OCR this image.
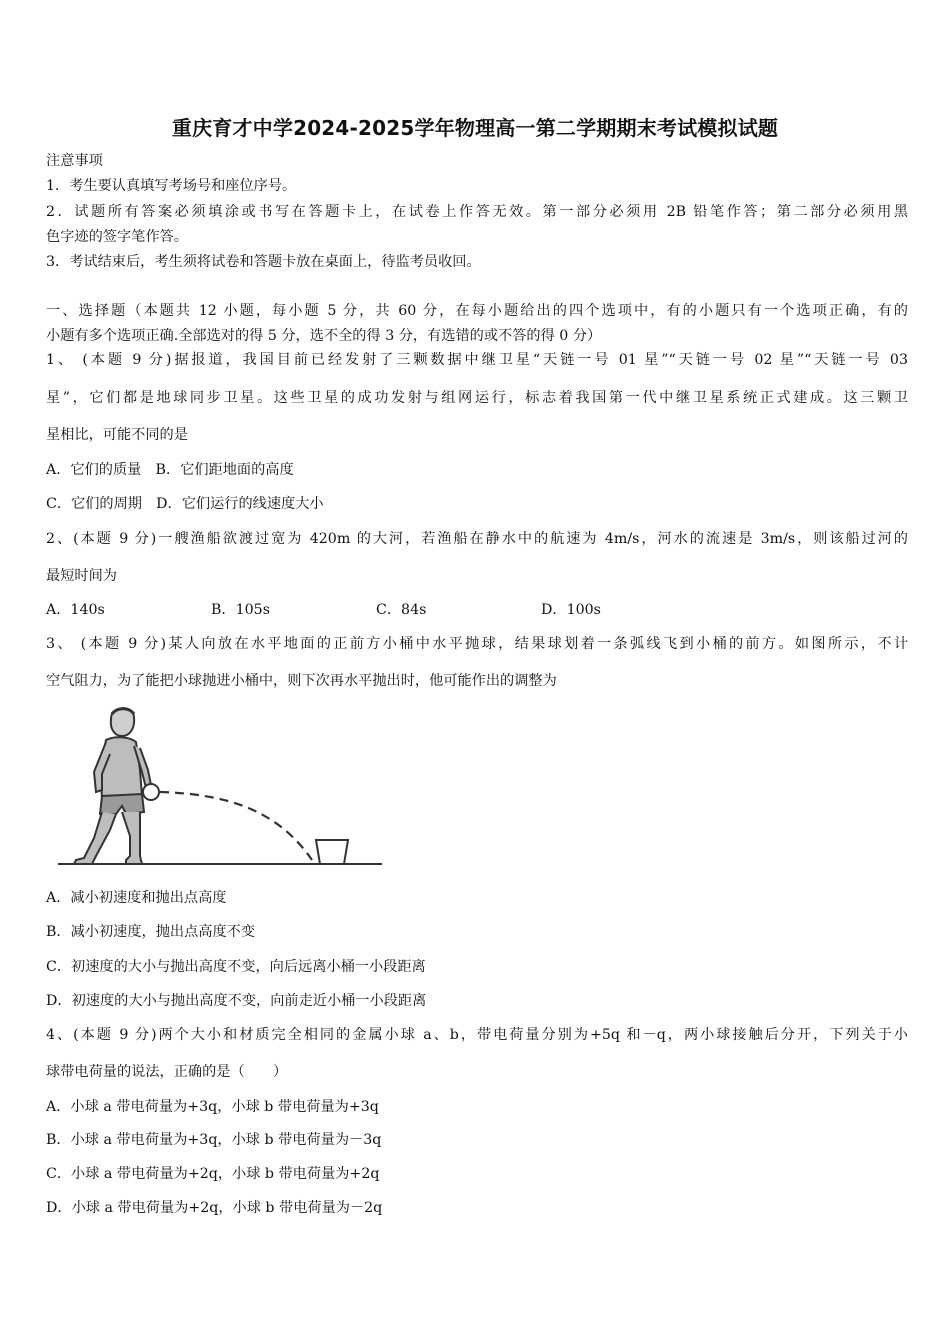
重庆育才中学2024-2025学年物理高一第二学期期末考试模拟试题
注意事项
1．考生要认真填写考场号和座位序号。
2．试题所有答案必须填涂或书写在答题卡上，在试卷上作答无效。第一部分必须用 2B 铅笔作答；第二部分必须用黑
色字迹的签字笔作答。
3．考试结束后，考生须将试卷和答题卡放在桌面上，待监考员收回。
一、选择题（本题共 12 小题，每小题 5 分，共 60 分，在每小题给出的四个选项中，有的小题只有一个选项正确，有的
小题有多个选项正确.全部选对的得 5 分，选不全的得 3 分，有选错的或不答的得 0 分）
1、 (本题 9 分)据报道，我国目前已经发射了三颗数据中继卫星“天链一号 01 星”“天链一号 02 星”“天链一号 03
星”，它们都是地球同步卫星。这些卫星的成功发射与组网运行，标志着我国第一代中继卫星系统正式建成。这三颗卫
星相比，可能不同的是
A．它们的质量　B．它们距地面的高度
C．它们的周期　D．它们运行的线速度大小
2、(本题 9 分)一艘渔船欲渡过宽为 420m 的大河，若渔船在静水中的航速为 4m/s，河水的流速是 3m/s，则该船过河的
最短时间为
A．140s	B．105s	C．84s	D．100s
3、 (本题 9 分)某人向放在水平地面的正前方小桶中水平抛球，结果球划着一条弧线飞到小桶的前方。如图所示，不计
空气阻力，为了能把小球抛进小桶中，则下次再水平抛出时，他可能作出的调整为
A．减小初速度和抛出点高度
B．减小初速度，抛出点高度不变
C．初速度的大小与抛出高度不变，向后远离小桶一小段距离
D．初速度的大小与抛出高度不变，向前走近小桶一小段距离
4、(本题 9 分)两个大小和材质完全相同的金属小球 a、b，带电荷量分别为+5q 和－q，两小球接触后分开，下列关于小
球带电荷量的说法，正确的是（　　）
A．小球 a 带电荷量为+3q，小球 b 带电荷量为+3q
B．小球 a 带电荷量为+3q，小球 b 带电荷量为－3q
C．小球 a 带电荷量为+2q，小球 b 带电荷量为+2q
D．小球 a 带电荷量为+2q，小球 b 带电荷量为－2q
